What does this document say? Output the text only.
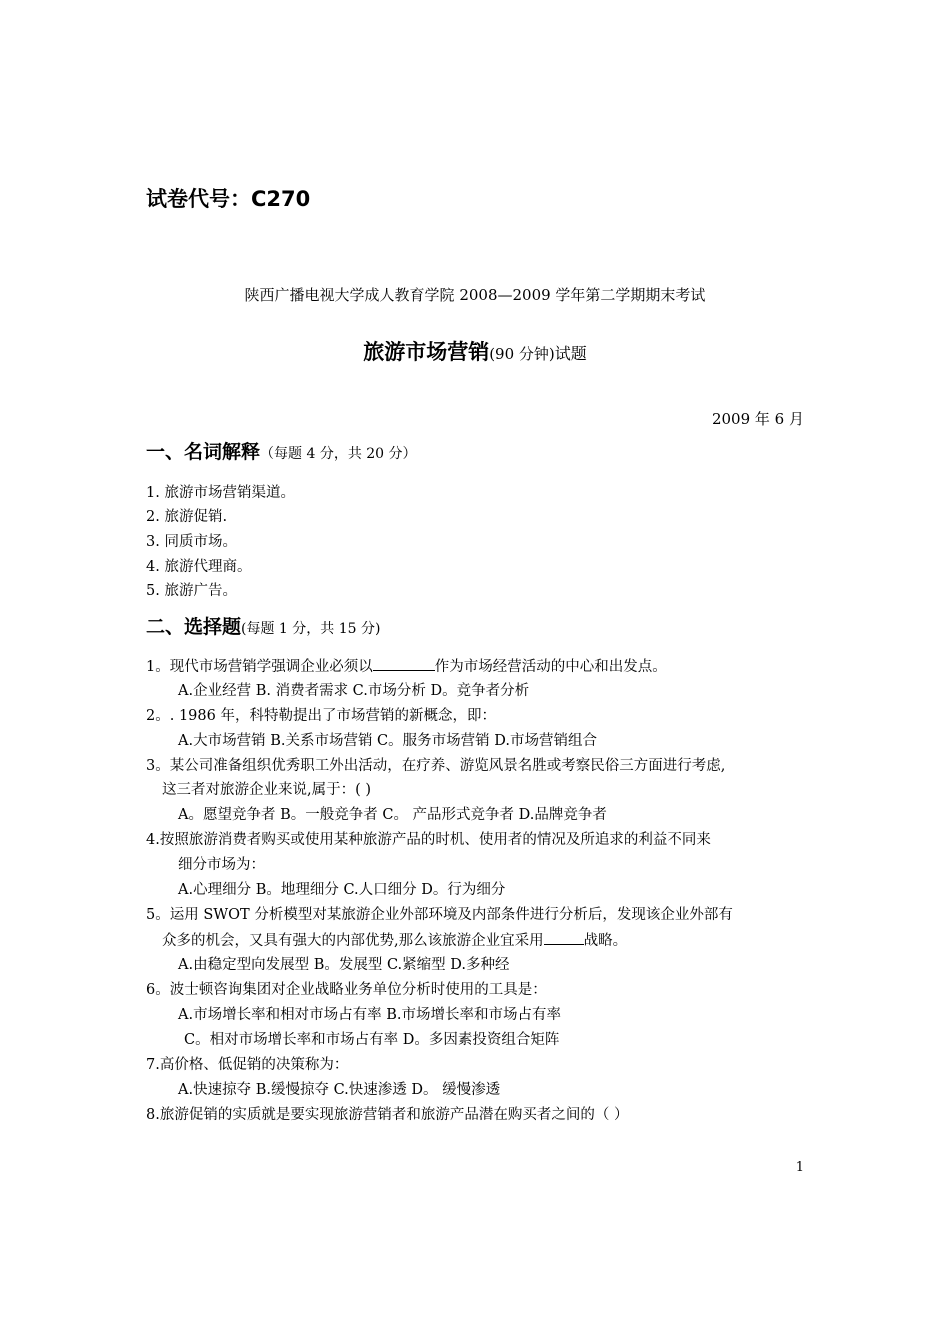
试卷代号：C270
陕西广播电视大学成人教育学院 2008—2009 学年第二学期期末考试
旅游市场营销(90 分钟)试题
2009 年 6 月
一、名词解释（每题 4 分，共 20 分）
1. 旅游市场营销渠道。
2. 旅游促销.
3. 同质市场。
4. 旅游代理商。
5. 旅游广告。
二、选择题(每题 1 分，共 15 分)
1。现代市场营销学强调企业必须以	作为市场经营活动的中心和出发点。
A.企业经营 B. 消费者需求 C.市场分析 D。竞争者分析
2。. 1986 年，科特勒提出了市场营销的新概念，即：
A.大市场营销 B.关系市场营销 C。服务市场营销 D.市场营销组合
3。某公司准备组织优秀职工外出活动，在疗养、游览风景名胜或考察民俗三方面进行考虑,
这三者对旅游企业来说,属于：( )
A。愿望竞争者 B。一般竞争者 C。 产品形式竞争者 D.品牌竞争者
4.按照旅游消费者购买或使用某种旅游产品的时机、使用者的情况及所追求的利益不同来
细分市场为：
A.心理细分 B。地理细分 C.人口细分 D。行为细分
5。运用 SWOT 分析模型对某旅游企业外部环境及内部条件进行分析后，发现该企业外部有
众多的机会，又具有强大的内部优势,那么该旅游企业宜采用	战略。
A.由稳定型向发展型 B。发展型 C.紧缩型 D.多种经
6。波士顿咨询集团对企业战略业务单位分析时使用的工具是：
A.市场增长率和相对市场占有率 B.市场增长率和市场占有率
C。相对市场增长率和市场占有率 D。多因素投资组合矩阵
7.高价格、低促销的决策称为：
A.快速掠夺 B.缓慢掠夺 C.快速渗透 D。 缓慢渗透
8.旅游促销的实质就是要实现旅游营销者和旅游产品潜在购买者之间的（ ）
1
